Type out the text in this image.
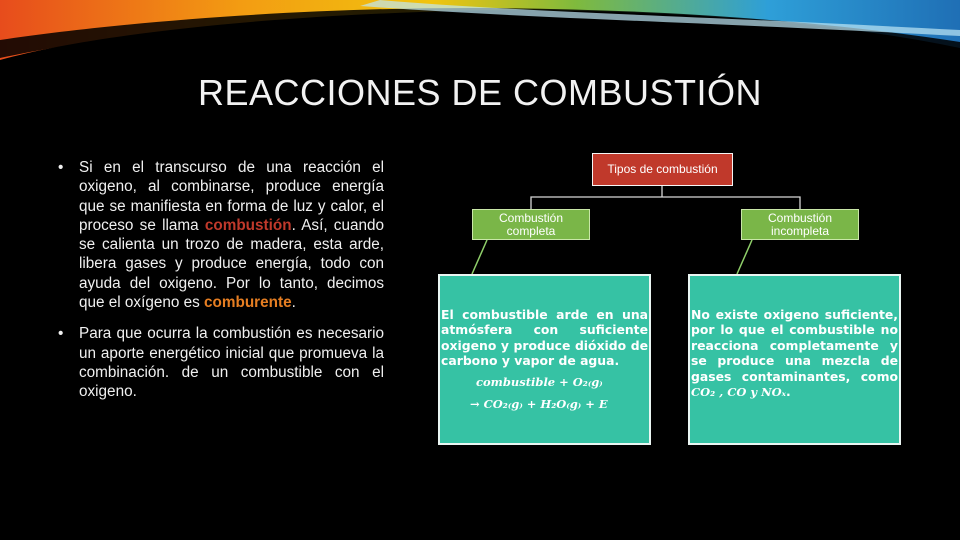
REACCIONES DE COMBUSTIÓN
• Si en el transcurso de una reacción el oxigeno, al combinarse, produce energía que se manifiesta en forma de luz y calor, el proceso se llama combustión. Así, cuando se calienta un trozo de madera, esta arde, libera gases y produce energía, todo con ayuda del oxigeno. Por lo tanto, decimos que el oxígeno es comburente.
• Para que ocurra la combustión es necesario un aporte energético inicial que promueva la combinación. de un combustible con el oxigeno.
Tipos de combustión
Combustión completa
Combustión incompleta
El combustible arde en una atmósfera con suficiente oxigeno y produce dióxido de carbono y vapor de agua.
combustible + O₂₍g₎
→ CO₂₍g₎ + H₂O₍g₎ + E
No existe oxigeno suficiente, por lo que el combustible no reacciona completamente y se produce una mezcla de gases contaminantes, como CO₂ , CO y NOₓ.
